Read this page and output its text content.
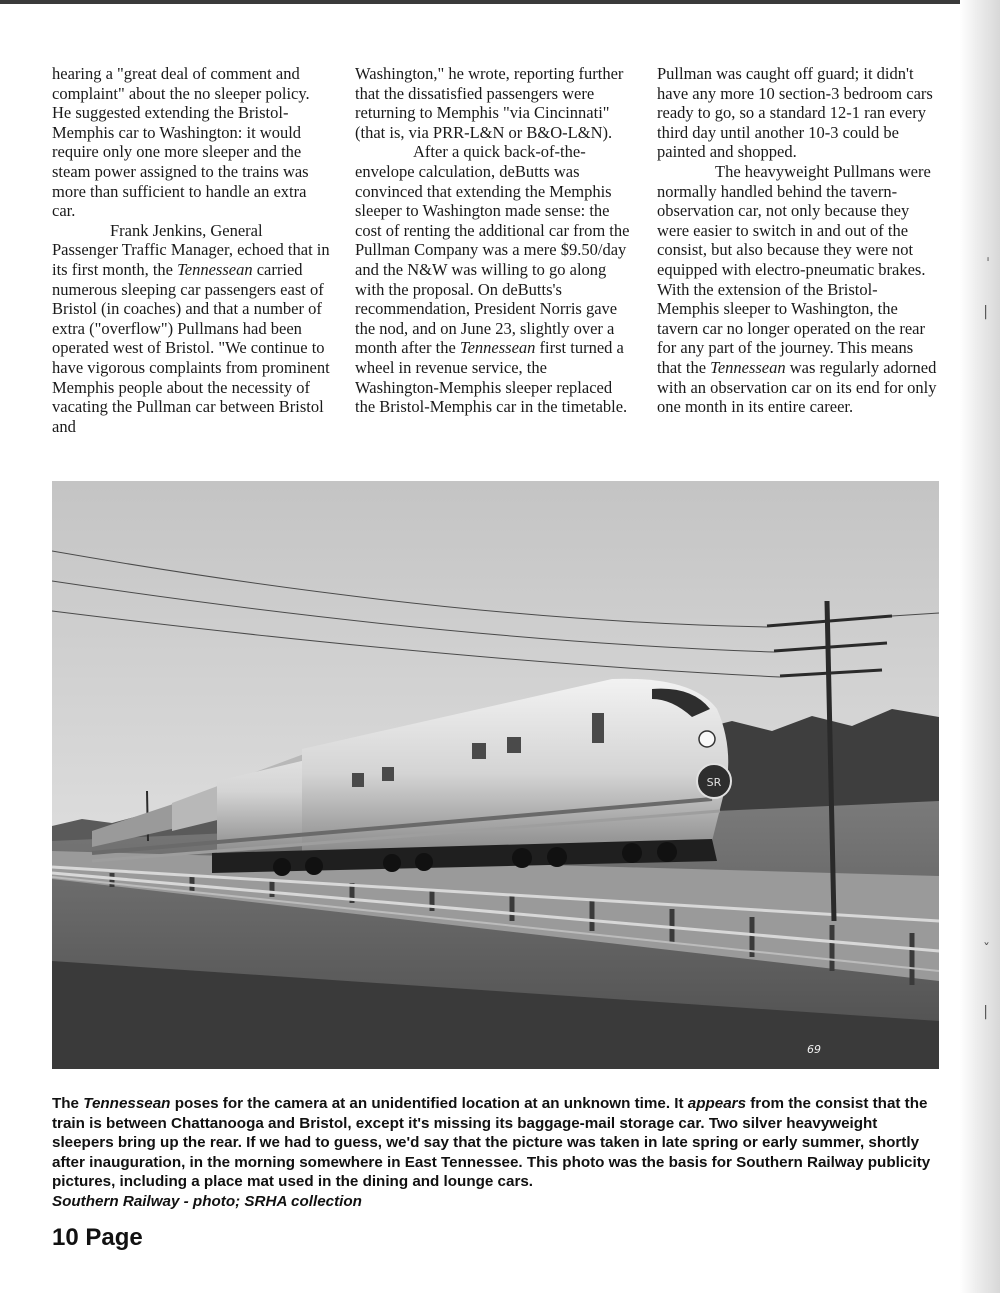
ˈ
|
ˇ
|

hearing a "great deal of comment and complaint" about the no sleeper policy. He suggested extending the Bristol-Memphis car to Washington: it would require only one more sleeper and the steam power assigned to the trains was more than sufficient to handle an extra car.

Frank Jenkins, General Passenger Traffic Manager, echoed that in its first month, the Tennessean carried numerous sleeping car passengers east of Bristol (in coaches) and that a number of extra ("overflow") Pullmans had been operated west of Bristol. "We continue to have vigorous complaints from prominent Memphis people about the necessity of vacating the Pullman car between Bristol and

Washington," he wrote, reporting further that the dissatisfied passengers were returning to Memphis "via Cincinnati" (that is, via PRR-L&N or B&O-L&N).

After a quick back-of-the-envelope calculation, deButts was convinced that extending the Memphis sleeper to Washington made sense: the cost of renting the additional car from the Pullman Company was a mere $9.50/day and the N&W was willing to go along with the proposal. On deButts's recommendation, President Norris gave the nod, and on June 23, slightly over a month after the Tennessean first turned a wheel in revenue service, the Washington-Memphis sleeper replaced the Bristol-Memphis car in the timetable.

Pullman was caught off guard; it didn't have any more 10 section-3 bedroom cars ready to go, so a standard 12-1 ran every third day until another 10-3 could be painted and shopped.

The heavyweight Pullmans were normally handled behind the tavern-observation car, not only because they were easier to switch in and out of the consist, but also because they were not equipped with electro-pneumatic brakes. With the extension of the Bristol-Memphis sleeper to Washington, the tavern car no longer operated on the rear for any part of the journey. This means that the Tennessean was regularly adorned with an observation car on its end for only one month in its entire career.

SR
69

The Tennessean poses for the camera at an unidentified location at an unknown time. It appears from the consist that the train is between Chattanooga and Bristol, except it's missing its baggage-mail storage car. Two silver heavyweight sleepers bring up the rear. If we had to guess, we'd say that the picture was taken in late spring or early summer, shortly after inauguration, in the morning somewhere in East Tennessee. This photo was the basis for Southern Railway publicity pictures, including a place mat used in the dining and lounge cars.

Southern Railway - photo; SRHA collection

10 Page
